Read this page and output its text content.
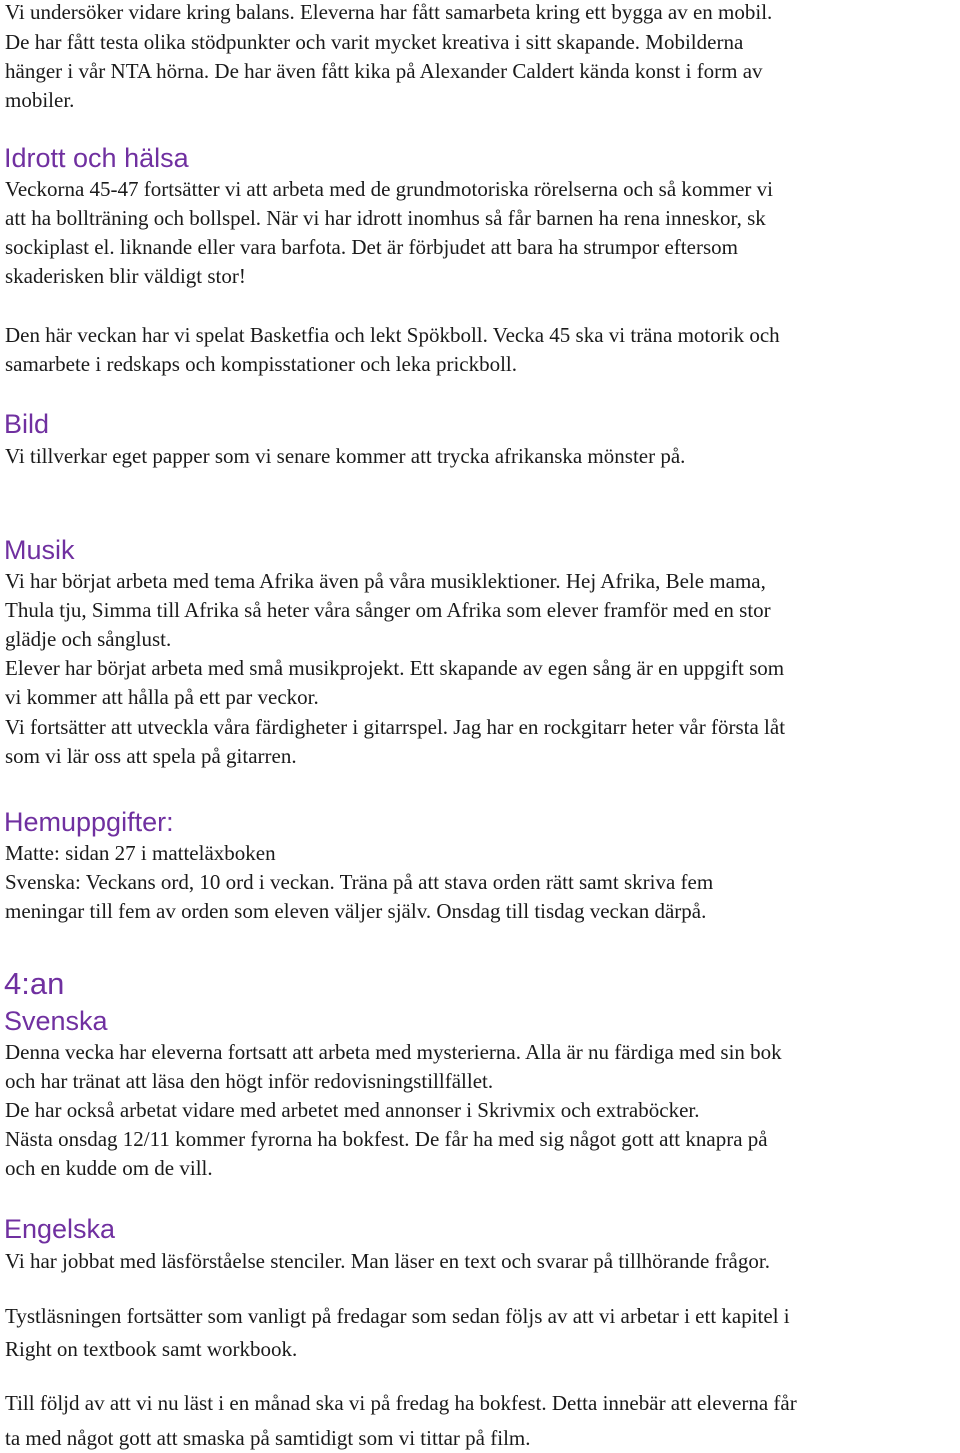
Vi undersöker vidare kring balans. Eleverna har fått samarbeta kring ett bygga av en mobil.

De har fått testa olika stödpunkter och varit mycket kreativa i sitt skapande. Mobilderna

hänger i vår NTA hörna. De har även fått kika på Alexander Caldert kända konst i form av

mobiler.

Idrott och hälsa

Veckorna 45-47 fortsätter vi att arbeta med de grundmotoriska rörelserna och så kommer vi

att ha bollträning och bollspel. När vi har idrott inomhus så får barnen ha rena inneskor, sk

sockiplast el. liknande eller vara barfota. Det är förbjudet att bara ha strumpor eftersom

skaderisken blir väldigt stor!

Den här veckan har vi spelat Basketfia och lekt Spökboll. Vecka 45 ska vi träna motorik och

samarbete i redskaps och kompisstationer och leka prickboll.

Bild

Vi tillverkar eget papper som vi senare kommer att trycka afrikanska mönster på.

Musik

Vi har börjat arbeta med tema Afrika även på våra musiklektioner. Hej Afrika, Bele mama,

Thula tju, Simma till Afrika så heter våra sånger om Afrika som elever framför med en stor

glädje och sånglust.

Elever har börjat arbeta med små musikprojekt. Ett skapande av egen sång är en uppgift som

vi kommer att hålla på ett par veckor.

Vi fortsätter att utveckla våra färdigheter i gitarrspel. Jag har en rockgitarr heter vår första låt

som vi lär oss att spela på gitarren.

Hemuppgifter:

Matte: sidan 27 i matteläxboken

Svenska: Veckans ord, 10 ord i veckan. Träna på att stava orden rätt samt skriva fem

meningar till fem av orden som eleven väljer själv. Onsdag till tisdag veckan därpå.

4:an
Svenska

Denna vecka har eleverna fortsatt att arbeta med mysterierna. Alla är nu färdiga med sin bok

och har tränat att läsa den högt inför redovisningstillfället.

De har också arbetat vidare med arbetet med annonser i Skrivmix och extraböcker.

Nästa onsdag 12/11 kommer fyrorna ha bokfest. De får ha med sig något gott att knapra på

och en kudde om de vill.

Engelska

Vi har jobbat med läsförståelse stenciler. Man läser en text och svarar på tillhörande frågor.

Tystläsningen fortsätter som vanligt på fredagar som sedan följs av att vi arbetar i ett kapitel i

Right on textbook samt workbook.

Till följd av att vi nu läst i en månad ska vi på fredag ha bokfest. Detta innebär att eleverna får

ta med något gott att smaska på samtidigt som vi tittar på film.
